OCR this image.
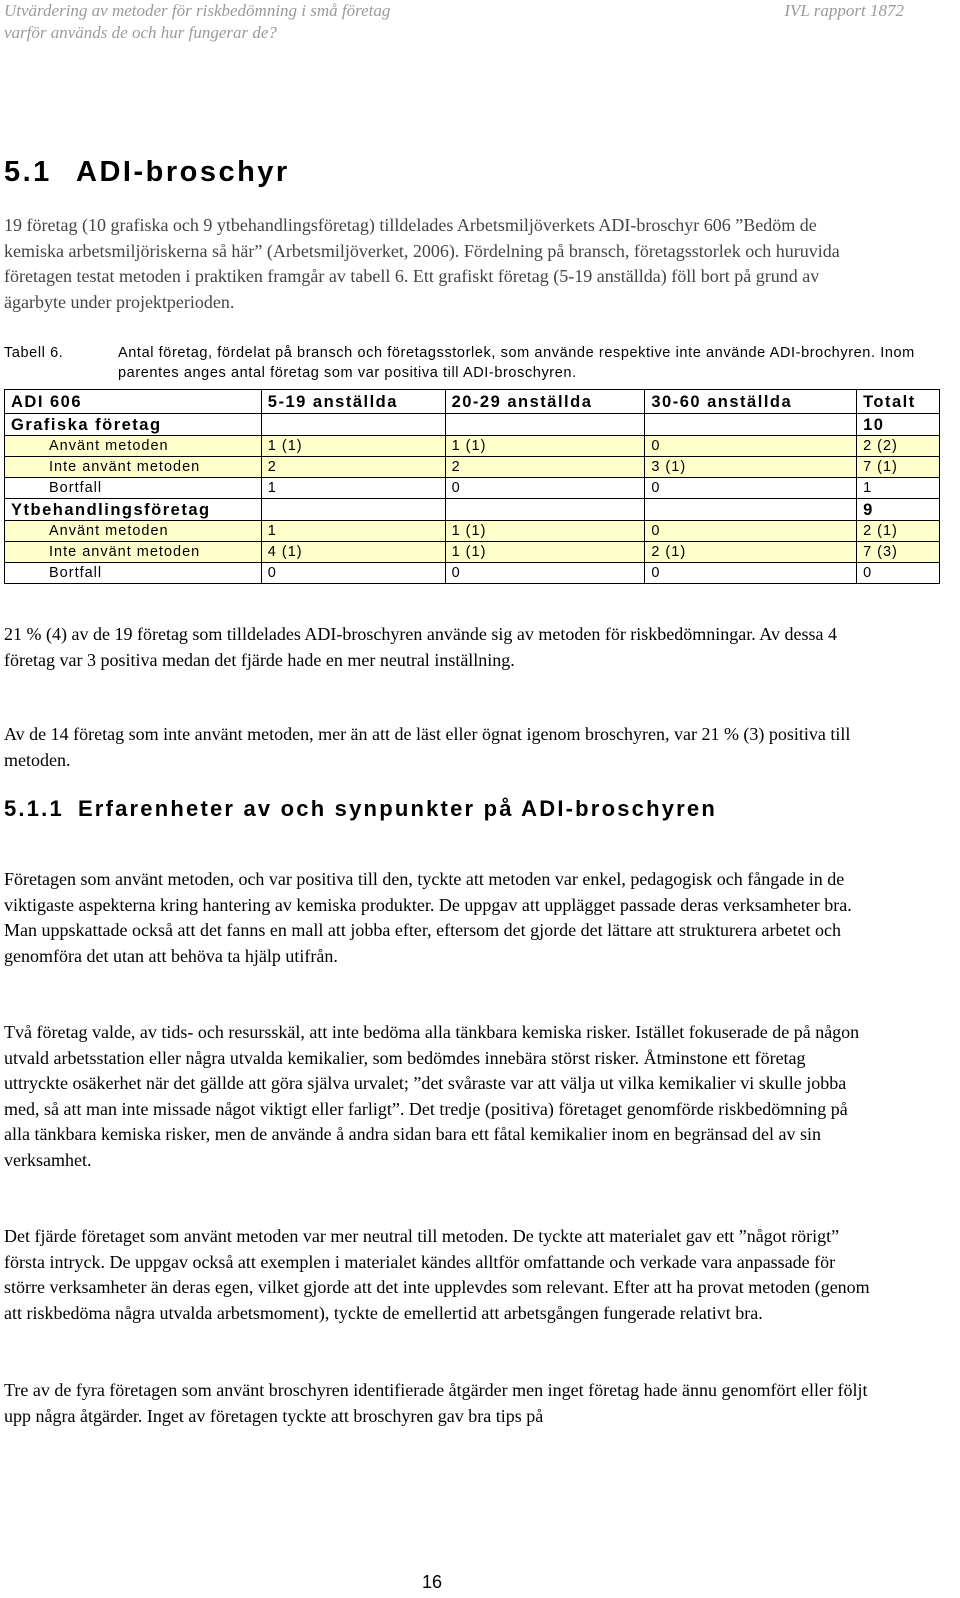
Utvärdering av metoder för riskbedömning i små företag
varför används de och hur fungerar de?
IVL rapport 1872
5.1 ADI-broschyr

19 företag (10 grafiska och 9 ytbehandlingsföretag) tilldelades Arbetsmiljöverkets ADI-broschyr 606 ”Bedöm de kemiska arbetsmiljöriskerna så här” (Arbetsmiljöverket, 2006). Fördelning på bransch, företagsstorlek och huruvida företagen testat metoden i praktiken framgår av tabell 6. Ett grafiskt företag (5-19 anställda) föll bort på grund av ägarbyte under projektperioden.

Tabell 6.	Antal företag, fördelat på bransch och företagsstorlek, som använde respektive inte använde ADI-brochyren. Inom parentes anges antal företag som var positiva till ADI-broschyren.
ADI 606	5-19 anställda	20-29 anställda	30-60 anställda	Totalt
Grafiska företag				10
Använt metoden	1 (1)	1 (1)	0	2 (2)
Inte använt metoden	2	2	3 (1)	7 (1)
Bortfall	1	0	0	1
Ytbehandlingsföretag				9
Använt metoden	1	1 (1)	0	2 (1)
Inte använt metoden	4 (1)	1 (1)	2 (1)	7 (3)
Bortfall	0	0	0	0

21 % (4) av de 19 företag som tilldelades ADI-broschyren använde sig av metoden för riskbedömningar. Av dessa 4 företag var 3 positiva medan det fjärde hade en mer neutral inställning.

Av de 14 företag som inte använt metoden, mer än att de läst eller ögnat igenom broschyren, var 21 % (3) positiva till metoden.

5.1.1 Erfarenheter av och synpunkter på ADI-broschyren

Företagen som använt metoden, och var positiva till den, tyckte att metoden var enkel, pedagogisk och fångade in de viktigaste aspekterna kring hantering av kemiska produkter. De uppgav att upplägget passade deras verksamheter bra. Man uppskattade också att det fanns en mall att jobba efter, eftersom det gjorde det lättare att strukturera arbetet och genomföra det utan att behöva ta hjälp utifrån.

Två företag valde, av tids- och resursskäl, att inte bedöma alla tänkbara kemiska risker. Istället fokuserade de på någon utvald arbetsstation eller några utvalda kemikalier, som bedömdes innebära störst risker. Åtminstone ett företag uttryckte osäkerhet när det gällde att göra själva urvalet; ”det svåraste var att välja ut vilka kemikalier vi skulle jobba med, så att man inte missade något viktigt eller farligt”. Det tredje (positiva) företaget genomförde riskbedömning på alla tänkbara kemiska risker, men de använde å andra sidan bara ett fåtal kemikalier inom en begränsad del av sin verksamhet.

Det fjärde företaget som använt metoden var mer neutral till metoden. De tyckte att materialet gav ett ”något rörigt” första intryck. De uppgav också att exemplen i materialet kändes alltför omfattande och verkade vara anpassade för större verksamheter än deras egen, vilket gjorde att det inte upplevdes som relevant. Efter att ha provat metoden (genom att riskbedöma några utvalda arbetsmoment), tyckte de emellertid att arbetsgången fungerade relativt bra.

Tre av de fyra företagen som använt broschyren identifierade åtgärder men inget företag hade ännu genomfört eller följt upp några åtgärder. Inget av företagen tyckte att broschyren gav bra tips på

16
